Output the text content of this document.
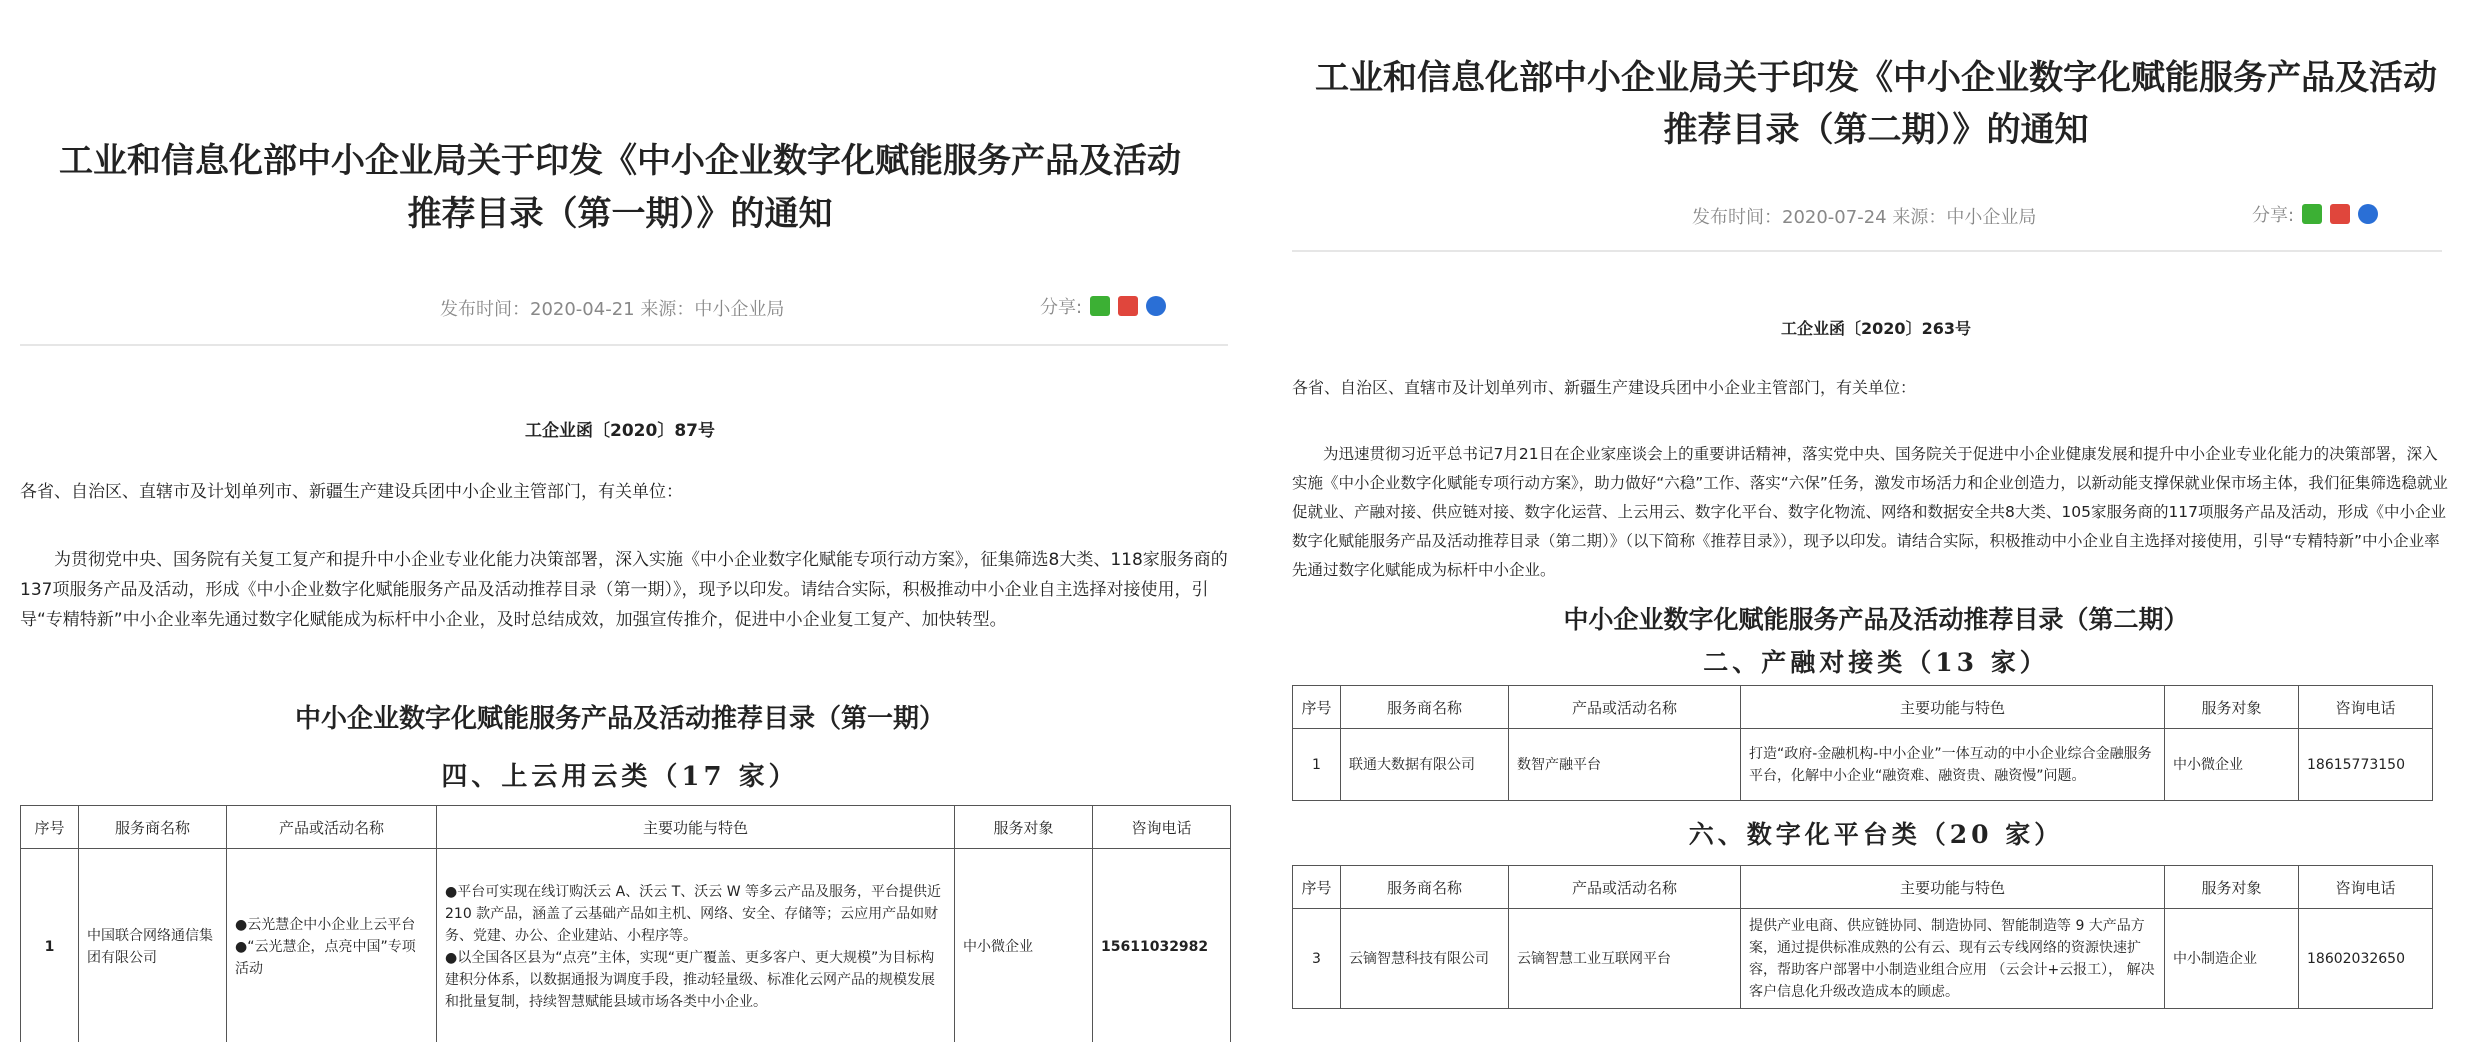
工业和信息化部中小企业局关于印发《中小企业数字化赋能服务产品及活动
推荐目录（第一期）》的通知
发布时间：2020-04-21 来源：中小企业局	分享:
工企业函〔2020〕87号
各省、自治区、直辖市及计划单列市、新疆生产建设兵团中小企业主管部门，有关单位：
为贯彻党中央、国务院有关复工复产和提升中小企业专业化能力决策部署，深入实施《中小企业数字化赋能专项行动方案》，征集筛选8大类、118家服务商的137项服务产品及活动，形成《中小企业数字化赋能服务产品及活动推荐目录（第一期）》，现予以印发。请结合实际，积极推动中小企业自主选择对接使用，引导“专精特新”中小企业率先通过数字化赋能成为标杆中小企业，及时总结成效，加强宣传推介，促进中小企业复工复产、加快转型。
中小企业数字化赋能服务产品及活动推荐目录（第一期）
四、上云用云类（17 家）
序号	服务商名称	产品或活动名称	主要功能与特色	服务对象	咨询电话
1	中国联合网络通信集团有限公司	●云光慧企中小企业上云平台
●“云光慧企，点亮中国”专项活动	●平台可实现在线订购沃云 A、沃云 T、沃云 W 等多云产品及服务，平台提供近 210 款产品，涵盖了云基础产品如主机、网络、安全、存储等；云应用产品如财务、党建、办公、企业建站、小程序等。
●以全国各区县为“点亮”主体，实现“更广覆盖、更多客户、更大规模”为目标构建积分体系，以数据通报为调度手段，推动轻量级、标准化云网产品的规模发展和批量复制，持续智慧赋能县域市场各类中小企业。	中小微企业	15611032982
工业和信息化部中小企业局关于印发《中小企业数字化赋能服务产品及活动
推荐目录（第二期）》的通知
发布时间：2020-07-24 来源：中小企业局	分享:
工企业函〔2020〕263号
各省、自治区、直辖市及计划单列市、新疆生产建设兵团中小企业主管部门，有关单位：
为迅速贯彻习近平总书记7月21日在企业家座谈会上的重要讲话精神，落实党中央、国务院关于促进中小企业健康发展和提升中小企业专业化能力的决策部署，深入实施《中小企业数字化赋能专项行动方案》，助力做好“六稳”工作、落实“六保”任务，激发市场活力和企业创造力，以新动能支撑保就业保市场主体，我们征集筛选稳就业促就业、产融对接、供应链对接、数字化运营、上云用云、数字化平台、数字化物流、网络和数据安全共8大类、105家服务商的117项服务产品及活动，形成《中小企业数字化赋能服务产品及活动推荐目录（第二期）》（以下简称《推荐目录》），现予以印发。请结合实际，积极推动中小企业自主选择对接使用，引导“专精特新”中小企业率先通过数字化赋能成为标杆中小企业。
中小企业数字化赋能服务产品及活动推荐目录（第二期）
二、产融对接类（13 家）
序号	服务商名称	产品或活动名称	主要功能与特色	服务对象	咨询电话
1	联通大数据有限公司	数智产融平台	打造“政府-金融机构-中小企业”一体互动的中小企业综合金融服务平台，化解中小企业“融资难、融资贵、融资慢”问题。	中小微企业	18615773150
六、数字化平台类（20 家）
序号	服务商名称	产品或活动名称	主要功能与特色	服务对象	咨询电话
3	云镝智慧科技有限公司	云镝智慧工业互联网平台	提供产业电商、供应链协同、制造协同、智能制造等 9 大产品方案，通过提供标准成熟的公有云、现有云专线网络的资源快速扩容，帮助客户部署中小制造业组合应用 （云会计+云报工）， 解决客户信息化升级改造成本的顾虑。	中小制造企业	18602032650
